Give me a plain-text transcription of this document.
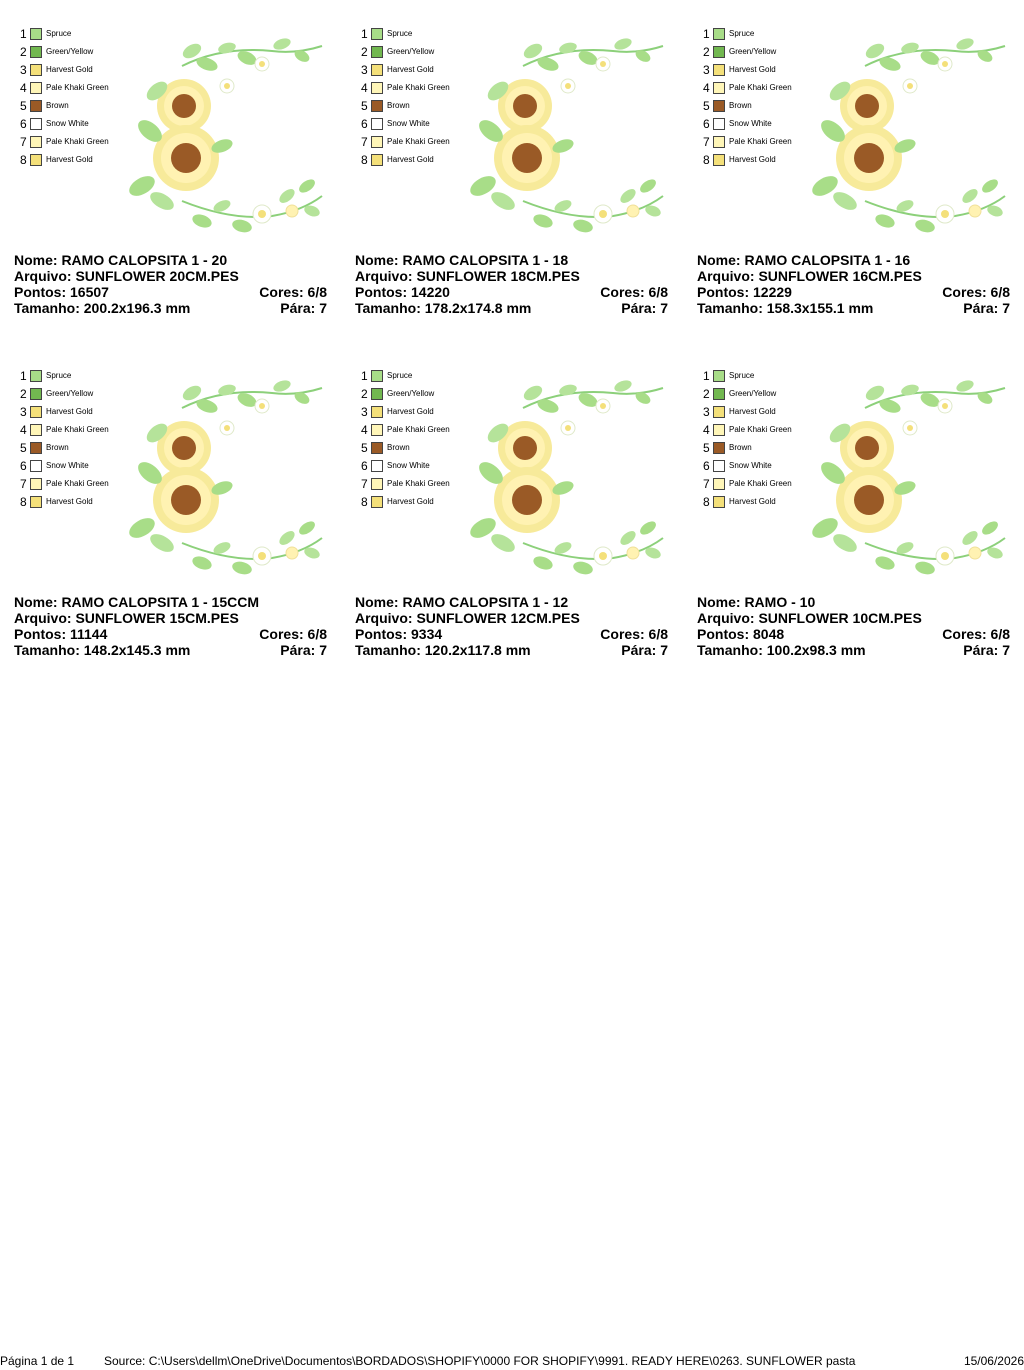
1	Spruce
2	Green/Yellow
3	Harvest Gold
4	Pale Khaki Green
5	Brown
6	Snow White
7	Pale Khaki Green
8	Harvest Gold
Nome: RAMO CALOPSITA 1 - 20
Arquivo: SUNFLOWER 20CM.PES
Pontos: 16507	Cores: 6/8
Tamanho: 200.2x196.3 mm	Pára: 7
1	Spruce
2	Green/Yellow
3	Harvest Gold
4	Pale Khaki Green
5	Brown
6	Snow White
7	Pale Khaki Green
8	Harvest Gold
Nome: RAMO CALOPSITA 1 - 18
Arquivo: SUNFLOWER 18CM.PES
Pontos: 14220	Cores: 6/8
Tamanho: 178.2x174.8 mm	Pára: 7
1	Spruce
2	Green/Yellow
3	Harvest Gold
4	Pale Khaki Green
5	Brown
6	Snow White
7	Pale Khaki Green
8	Harvest Gold
Nome: RAMO CALOPSITA 1 - 16
Arquivo: SUNFLOWER 16CM.PES
Pontos: 12229	Cores: 6/8
Tamanho: 158.3x155.1 mm	Pára: 7
1	Spruce
2	Green/Yellow
3	Harvest Gold
4	Pale Khaki Green
5	Brown
6	Snow White
7	Pale Khaki Green
8	Harvest Gold
Nome: RAMO CALOPSITA 1 - 15CCM
Arquivo: SUNFLOWER 15CM.PES
Pontos: 11144	Cores: 6/8
Tamanho: 148.2x145.3 mm	Pára: 7
1	Spruce
2	Green/Yellow
3	Harvest Gold
4	Pale Khaki Green
5	Brown
6	Snow White
7	Pale Khaki Green
8	Harvest Gold
Nome: RAMO CALOPSITA 1 - 12
Arquivo: SUNFLOWER 12CM.PES
Pontos: 9334	Cores: 6/8
Tamanho: 120.2x117.8 mm	Pára: 7
1	Spruce
2	Green/Yellow
3	Harvest Gold
4	Pale Khaki Green
5	Brown
6	Snow White
7	Pale Khaki Green
8	Harvest Gold
Nome: RAMO - 10
Arquivo: SUNFLOWER 10CM.PES
Pontos: 8048	Cores: 6/8
Tamanho: 100.2x98.3 mm	Pára: 7
Página 1 de 1 Source: C:\Users\dellm\OneDrive\Documentos\BORDADOS\SHOPIFY\0000 FOR SHOPIFY\9991. READY HERE\0263. SUNFLOWER pasta	15/06/2026
